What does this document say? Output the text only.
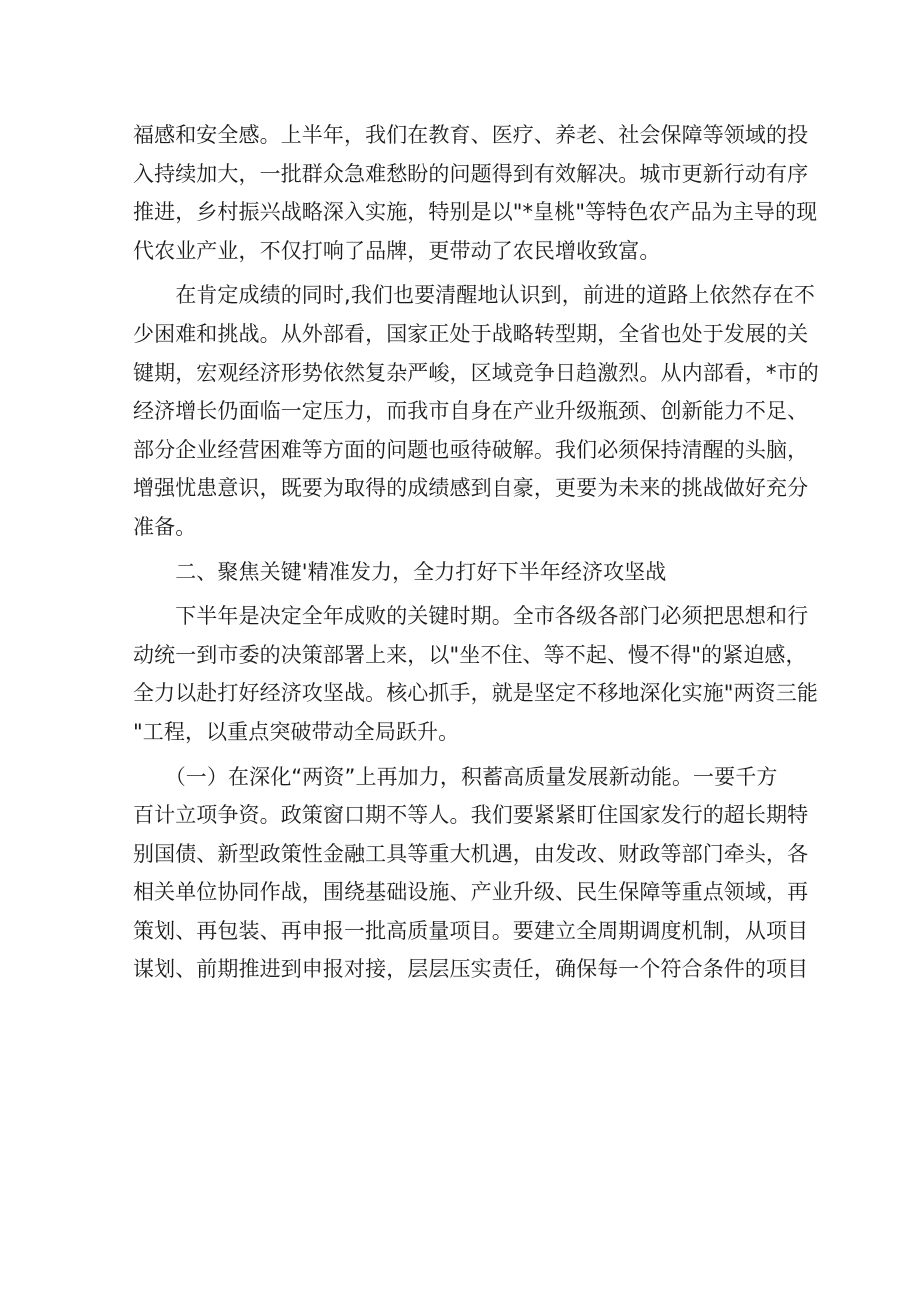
福感和安全感。上半年，我们在教育、医疗、养老、社会保障等领域的投
入持续加大，一批群众急难愁盼的问题得到有效解决。城市更新行动有序
推进，乡村振兴战略深入实施，特别是以"*皇桃"等特色农产品为主导的现
代农业产业，不仅打响了品牌，更带动了农民增收致富。

　　在肯定成绩的同时,我们也要清醒地认识到，前进的道路上依然存在不
少困难和挑战。从外部看，国家正处于战略转型期，全省也处于发展的关
键期，宏观经济形势依然复杂严峻，区域竞争日趋激烈。从内部看，*市的
经济增长仍面临一定压力，而我市自身在产业升级瓶颈、创新能力不足、
部分企业经营困难等方面的问题也亟待破解。我们必须保持清醒的头脑，
增强忧患意识，既要为取得的成绩感到自豪，更要为未来的挑战做好充分
准备。

　　二、聚焦关键'精准发力，全力打好下半年经济攻坚战

　　下半年是决定全年成败的关键时期。全市各级各部门必须把思想和行
动统一到市委的决策部署上来，以"坐不住、等不起、慢不得"的紧迫感，
全力以赴打好经济攻坚战。核心抓手，就是坚定不移地深化实施"两资三能
"工程，以重点突破带动全局跃升。

　　（一）在深化“两资”上再加力，积蓄高质量发展新动能。一要千方
百计立项争资。政策窗口期不等人。我们要紧紧盯住国家发行的超长期特
别国债、新型政策性金融工具等重大机遇，由发改、财政等部门牵头，各
相关单位协同作战，围绕基础设施、产业升级、民生保障等重点领域，再
策划、再包装、再申报一批高质量项目。要建立全周期调度机制，从项目
谋划、前期推进到申报对接，层层压实责任，确保每一个符合条件的项目
